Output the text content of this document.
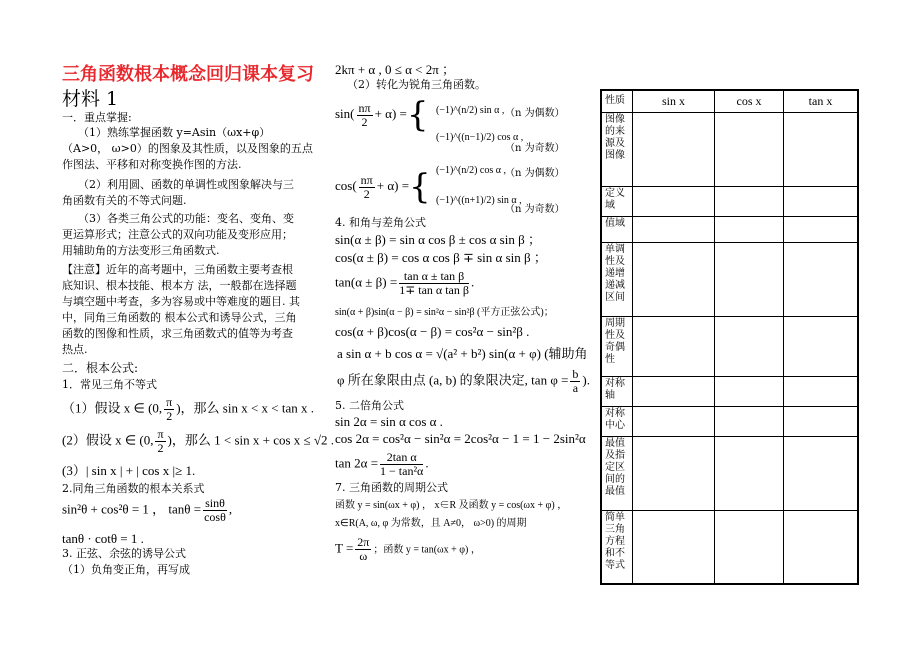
三角函数根本概念回归课本复习
材料 1
一．重点掌握:
（1）熟练掌握函数 y=Asin（ωx+φ）
（A>0， ω>0）的图象及其性质，以及图象的五点
作图法、平移和对称变换作图的方法.
（2）利用圆、函数的单调性或图象解决与三
角函数有关的不等式问题.
（3）各类三角公式的功能：变名、变角、变
更运算形式；注意公式的双向功能及变形应用；
用辅助角的方法变形三角函数式.
【注意】近年的高考题中，三角函数主要考查根
底知识、根本技能、根本方 法，一般都在选择题
与填空题中考查，多为容易或中等难度的题目. 其
中，同角三角函数的 根本公式和诱导公式，三角
函数的图像和性质，求三角函数式的值等为考查
热点.
二．根本公式:
1．常见三角不等式
（1）假设 x ∈ (0, $\frac{\pi}{2}$ )，那么 sin x < x < tan x .
(2）假设 x ∈ (0, $\frac{\pi}{2}$ )，那么 1 < sin x + cos x ≤ √2 .
(3）| sin x | + | cos x |≥ 1.
2.同角三角函数的根本关系式
sin²θ + cos²θ = 1 ， $\tan\theta = \frac{\sin\theta}{\cos\theta}$ ,
tanθ · cotθ = 1 .
3. 正弦、余弦的诱导公式
（1）负角变正角，再写成
2kπ + α , 0 ≤ α < 2π ；
（2）转化为锐角三角函数。
$\sin( \frac{n\pi}{2} + \alpha)$ ={ (−1)^(n/2) sin α , （n 为偶数）
(−1)^((n−1)/2) cos α ,
（n 为奇数）
$\cos( \frac{n\pi}{2} + \alpha)$ ={ (−1)^(n/2) cos α , （n 为偶数）
(−1)^((n+1)/2) sin α ,
（n 为奇数）
4. 和角与差角公式
sin(α ± β) = sin α cos β ± cos α sin β ；
cos(α ± β) = cos α cos β ∓ sin α sin β ；
$\tan(\alpha \pm \beta) = \frac{\text{tan α ± tan β}}{\text{1∓ tan α tan β}}$ .
sin(α + β)sin(α − β) = sin²α − sin²β (平方正弦公式)；
cos(α + β)cos(α − β) = cos²α − sin²β .
a sin α + b cos α = √(a² + b²) sin(α + φ) (辅助角
φ 所在象限由点 (a, b) 的象限决定, $\tan \varphi = \frac{b}{a}$ ).
5. 二倍角公式
sin 2α = sin α cos α .
cos 2α = cos²α − sin²α = 2cos²α − 1 = 1 − 2sin²α
$\tan 2\alpha = \frac{\text{2tan α}}{\text{1 − tan²α}}$ .
7. 三角函数的周期公式
函数 y = sin(ωx + φ) ， x∈R 及函数 y = cos(ωx + φ) ，
x∈R(A, ω, φ 为常数，且 A≠0， ω>0) 的周期
$T = \frac{2\pi}{\omega}$ ；函数 y = tan(ωx + φ) ，
性质	sin x	cos x	tan x
图像的来源及图像			
定义域			
值域			
单调性及递增递减区间			
周期性及奇偶性			
对称轴			
对称中心			
最值及指定区间的最值			
简单三角方程和不等式			
